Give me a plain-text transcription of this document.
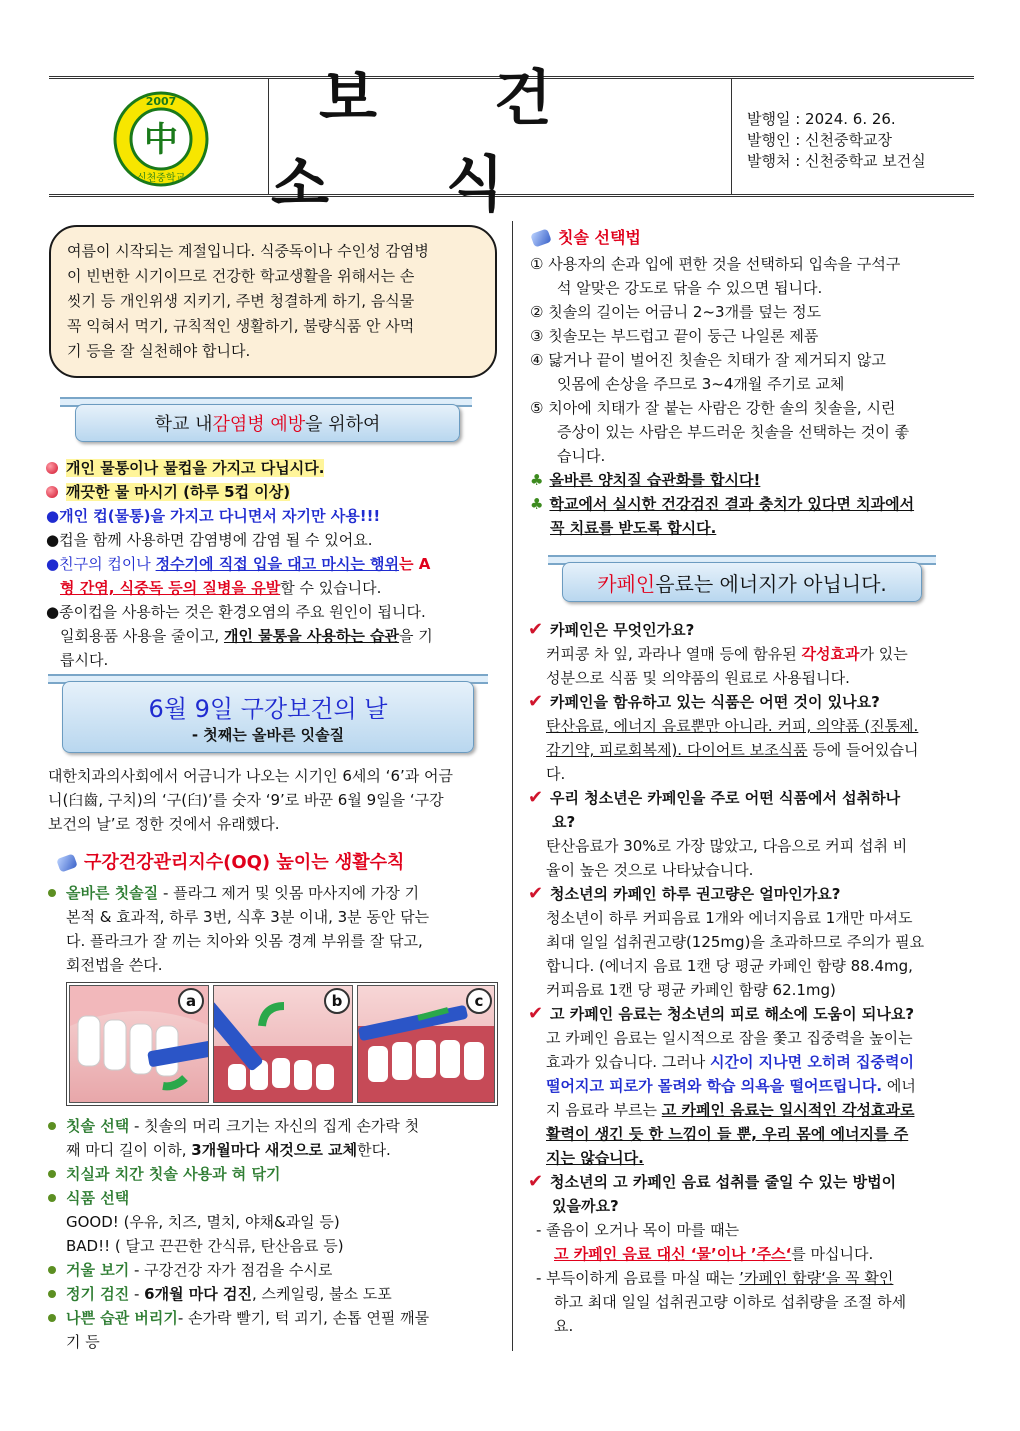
2007
中
신천중학교
보 건 소 식
발행일 : 2024. 6. 26.
발행인 : 신천중학교장
발행처 : 신천중학교 보건실
여름이 시작되는 계절입니다. 식중독이나 수인성 감염병
이 빈번한 시기이므로 건강한 학교생활을 위해서는 손
씻기 등 개인위생 지키기, 주변 청결하게 하기, 음식물
꼭 익혀서 먹기, 규칙적인 생활하기, 불량식품 안 사먹
기 등을 잘 실천해야 합니다.
학교 내 감염병 예방 을 위하여
개인 물통이나 물컵을 가지고 다닙시다.
깨끗한 물 마시기 (하루 5컵 이상)
●개인 컵(물통)을 가지고 다니면서 자기만 사용!!!
●컵을 함께 사용하면 감염병에 감염 될 수 있어요.
●친구의 컵이나 정수기에 직접 입을 대고 마시는 행위는 A
형 간염, 식중독 등의 질병을 유발할 수 있습니다.
●종이컵을 사용하는 것은 환경오염의 주요 원인이 됩니다.
일회용품 사용을 줄이고, 개인 물통을 사용하는 습관을 기
릅시다.
6월 9일 구강보건의 날
- 첫째는 올바른 잇솔질
대한치과의사회에서 어금니가 나오는 시기인 6세의 ‘6’과 어금
니(臼齒, 구치)의 ‘구(臼)’를 숫자 ‘9’로 바꾼 6월 9일을 ‘구강
보건의 날’로 정한 것에서 유래했다.
구강건강관리지수(OQ) 높이는 생활수칙
올바른 칫솔질 - 플라그 제거 및 잇몸 마사지에 가장 기
본적 & 효과적, 하루 3번, 식후 3분 이내, 3분 동안 닦는
다. 플라크가 잘 끼는 치아와 잇몸 경계 부위를 잘 닦고,
회전법을 쓴다.
a	b	c
칫솔 선택 - 칫솔의 머리 크기는 자신의 집게 손가락 첫
째 마디 길이 이하, 3개월마다 새것으로 교체한다.
치실과 치간 칫솔 사용과 혀 닦기
식품 선택
GOOD! (우유, 치즈, 멸치, 야채&과일 등)
BAD!! ( 달고 끈끈한 간식류, 탄산음료 등)
거울 보기 - 구강건강 자가 점검을 수시로
정기 검진 - 6개월 마다 검진, 스케일링, 불소 도포
나쁜 습관 버리기- 손가락 빨기, 턱 괴기, 손톱 연필 깨물
기 등
칫솔 선택법
① 사용자의 손과 입에 편한 것을 선택하되 입속을 구석구
석 알맞은 강도로 닦을 수 있으면 됩니다.
② 칫솔의 길이는 어금니 2~3개를 덮는 정도
③ 칫솔모는 부드럽고 끝이 둥근 나일론 제품
④ 닳거나 끝이 벌어진 칫솔은 치태가 잘 제거되지 않고
잇몸에 손상을 주므로 3~4개월 주기로 교체
⑤ 치아에 치태가 잘 붙는 사람은 강한 솔의 칫솔을, 시린
증상이 있는 사람은 부드러운 칫솔을 선택하는 것이 좋
습니다.
♣ 올바른 양치질 습관화를 합시다!
♣ 학교에서 실시한 건강검진 결과 충치가 있다면 치과에서
꼭 치료를 받도록 합시다.
카페인 음료는 에너지가 아닙니다.
✔ 카페인은 무엇인가요?
커피콩 차 잎, 과라나 열매 등에 함유된 각성효과가 있는
성분으로 식품 및 의약품의 원료로 사용됩니다.
✔ 카페인을 함유하고 있는 식품은 어떤 것이 있나요?
탄산음료, 에너지 음료뿐만 아니라. 커피, 의약품 (진통제.
감기약, 피로회복제). 다이어트 보조식품 등에 들어있습니
다.
✔ 우리 청소년은 카페인을 주로 어떤 식품에서 섭취하나
요?
탄산음료가 30%로 가장 많았고, 다음으로 커피 섭취 비
율이 높은 것으로 나타났습니다.
✔ 청소년의 카페인 하루 권고량은 얼마인가요?
청소년이 하루 커피음료 1개와 에너지음료 1개만 마셔도
최대 일일 섭취권고량(125mg)을 초과하므로 주의가 필요
합니다. (에너지 음료 1캔 당 평균 카페인 함량 88.4mg,
커피음료 1캔 당 평균 카페인 함량 62.1mg)
✔ 고 카페인 음료는 청소년의 피로 해소에 도움이 되나요?
고 카페인 음료는 일시적으로 잠을 쫓고 집중력을 높이는
효과가 있습니다. 그러나 시간이 지나면 오히려 집중력이
떨어지고 피로가 몰려와 학습 의욕을 떨어뜨립니다. 에너
지 음료라 부르는 고 카페인 음료는 일시적인 각성효과로
활력이 생긴 듯 한 느낌이 들 뿐, 우리 몸에 에너지를 주
지는 않습니다.
✔ 청소년의 고 카페인 음료 섭취를 줄일 수 있는 방법이
있을까요?
- 졸음이 오거나 목이 마를 때는
고 카페인 음료 대신 ‘물’이나 ’주스‘를 마십니다.
- 부득이하게 음료를 마실 때는 ’카페인 함량‘을 꼭 확인
하고 최대 일일 섭취권고량 이하로 섭취량을 조절 하세
요.
